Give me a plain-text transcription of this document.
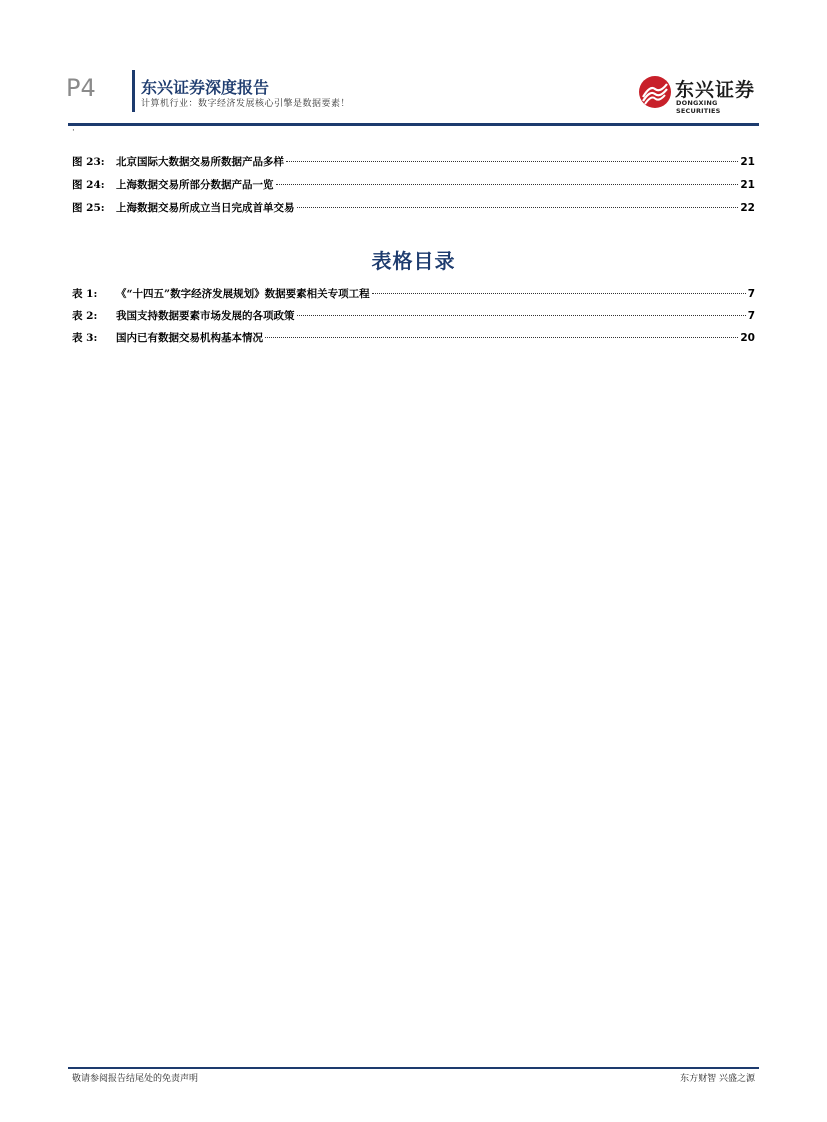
P4	东兴证券深度报告
计算机行业：数字经济发展核心引擎是数据要素！
东兴证券
DONGXING SECURITIES
·
图 23:	北京国际大数据交易所数据产品多样	21
图 24:	上海数据交易所部分数据产品一览	21
图 25:	上海数据交易所成立当日完成首单交易	22
表格目录
表 1:	《“十四五”数字经济发展规划》数据要素相关专项工程	7
表 2:	我国支持数据要素市场发展的各项政策	7
表 3:	国内已有数据交易机构基本情况	20
敬请参阅报告结尾处的免责声明	东方财智 兴盛之源
